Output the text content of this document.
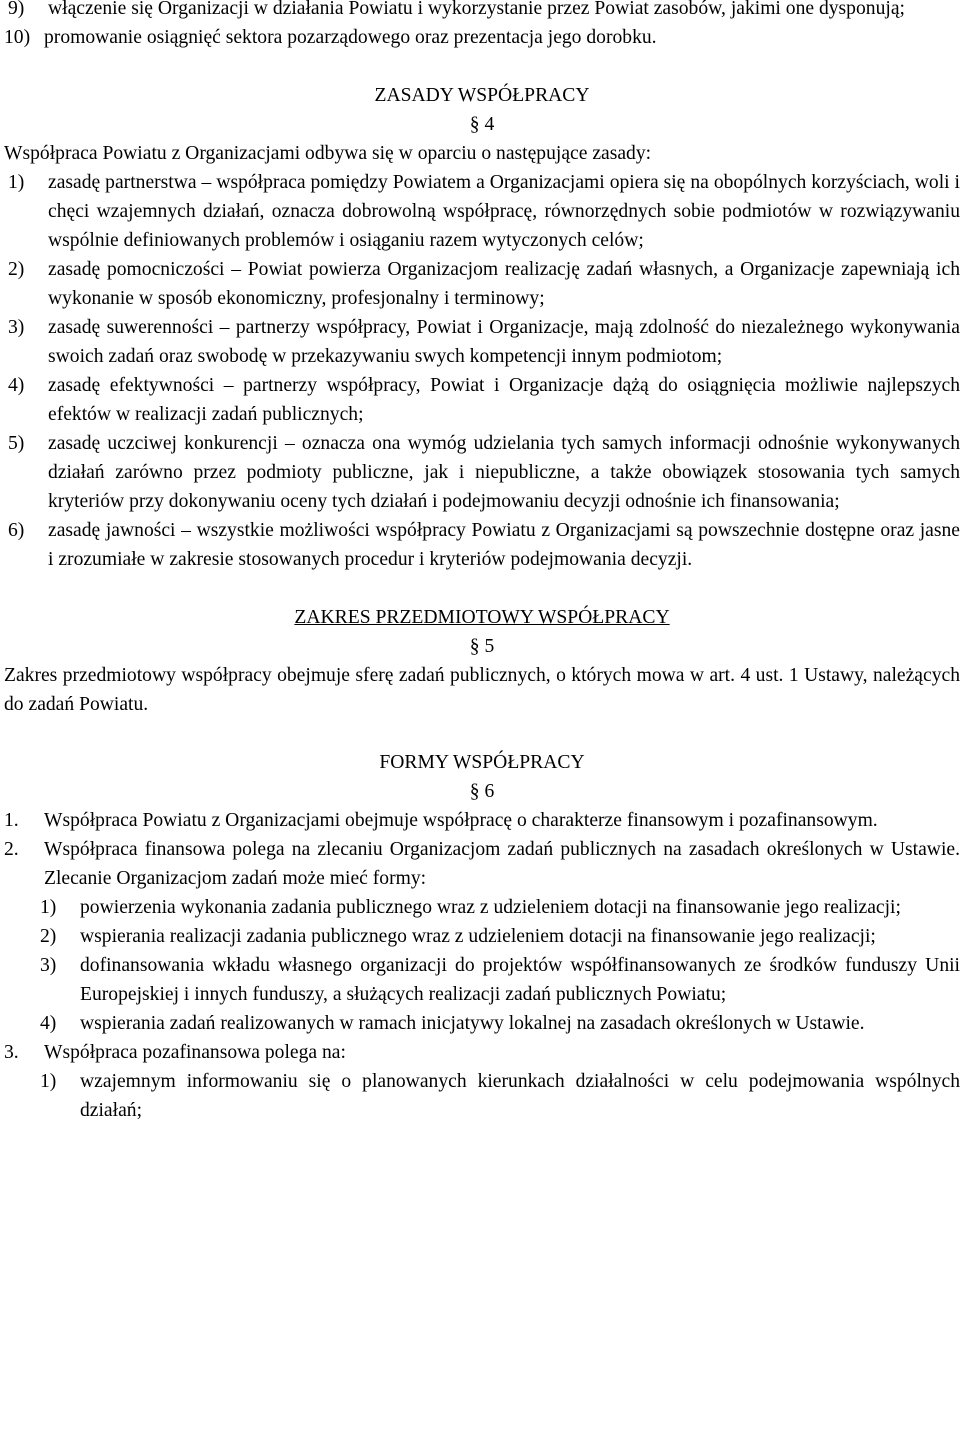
9)	włączenie się Organizacji w działania Powiatu i wykorzystanie przez Powiat zasobów, jakimi one dysponują;
10) promowanie osiągnięć sektora pozarządowego oraz prezentacja jego dorobku.

ZASADY WSPÓŁPRACY

§ 4

Współpraca Powiatu z Organizacjami odbywa się w oparciu o następujące zasady:

1)	zasadę partnerstwa – współpraca pomiędzy Powiatem a Organizacjami opiera się na obopólnych korzyściach, woli i chęci wzajemnych działań, oznacza dobrowolną współpracę, równorzędnych sobie podmiotów w rozwiązywaniu wspólnie definiowanych problemów i osiąganiu razem wytyczonych celów;
2)	zasadę pomocniczości – Powiat powierza Organizacjom realizację zadań własnych, a Organizacje zapewniają ich wykonanie w sposób ekonomiczny, profesjonalny i terminowy;
3)	zasadę suwerenności – partnerzy współpracy, Powiat i Organizacje, mają zdolność do niezależnego wykonywania swoich zadań oraz swobodę w przekazywaniu swych kompetencji innym podmiotom;
4)	zasadę efektywności – partnerzy współpracy, Powiat i Organizacje dążą do osiągnięcia możliwie najlepszych efektów w realizacji zadań publicznych;
5)	zasadę uczciwej konkurencji – oznacza ona wymóg udzielania tych samych informacji odnośnie wykonywanych działań zarówno przez podmioty publiczne, jak i niepubliczne, a także obowiązek stosowania tych samych kryteriów przy dokonywaniu oceny tych działań i podejmowaniu decyzji odnośnie ich finansowania;
6)	zasadę jawności – wszystkie możliwości współpracy Powiatu z Organizacjami są powszechnie dostępne oraz jasne i zrozumiałe w zakresie stosowanych procedur i kryteriów podejmowania decyzji.

ZAKRES PRZEDMIOTOWY WSPÓŁPRACY

§ 5

Zakres przedmiotowy współpracy obejmuje sferę zadań publicznych, o których mowa w art. 4 ust. 1 Ustawy, należących do zadań Powiatu.

FORMY WSPÓŁPRACY

§ 6

1.	Współpraca Powiatu z Organizacjami obejmuje współpracę o charakterze finansowym i pozafinansowym.
2.	Współpraca finansowa polega na zlecaniu Organizacjom zadań publicznych na zasadach określonych w Ustawie. Zlecanie Organizacjom zadań może mieć formy:
1)	powierzenia wykonania zadania publicznego wraz z udzieleniem dotacji na finansowanie jego realizacji;
2)	wspierania realizacji zadania publicznego wraz z udzieleniem dotacji na finansowanie jego realizacji;
3)	dofinansowania wkładu własnego organizacji do projektów współfinansowanych ze środków funduszy Unii Europejskiej i innych funduszy, a służących realizacji zadań publicznych Powiatu;
4)	wspierania zadań realizowanych w ramach inicjatywy lokalnej na zasadach określonych w Ustawie.
3.	Współpraca pozafinansowa polega na:
1)	wzajemnym informowaniu się o planowanych kierunkach działalności w celu podejmowania wspólnych działań;
